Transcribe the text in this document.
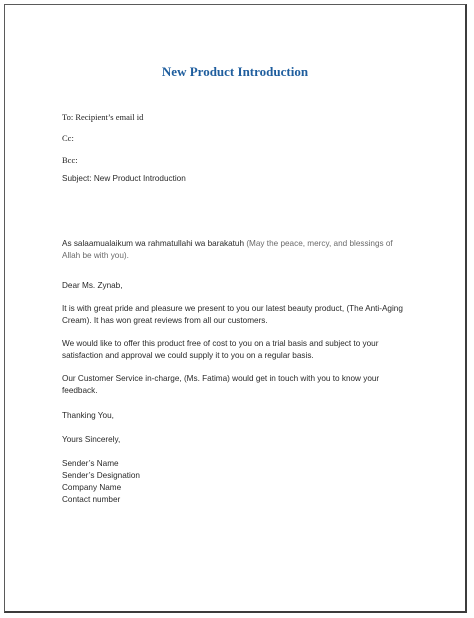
New Product Introduction
To: Recipient’s email id
Cc:
Bcc:
Subject: New Product Introduction
As salaamualaikum wa rahmatullahi wa barakatuh (May the peace, mercy, and blessings of
Allah be with you).
Dear Ms. Zynab,
It is with great pride and pleasure we present to you our latest beauty product, (The Anti-Aging
Cream). It has won great reviews from all our customers.
We would like to offer this product free of cost to you on a trial basis and subject to your
satisfaction and approval we could supply it to you on a regular basis.
Our Customer Service in-charge, (Ms. Fatima) would get in touch with you to know your
feedback.
Thanking You,
Yours Sincerely,
Sender’s Name
Sender’s Designation
Company Name
Contact number
